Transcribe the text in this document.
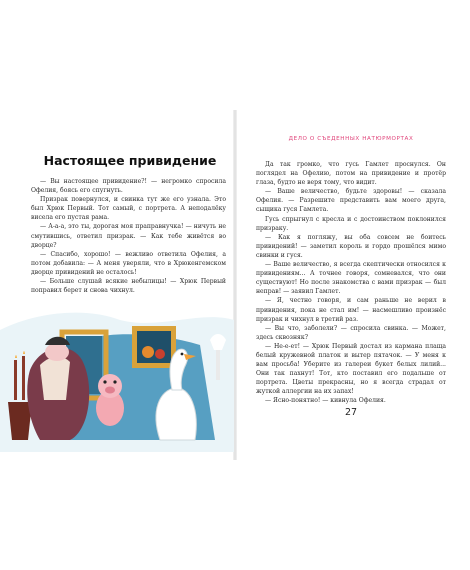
Настоящее привидение

— Вы настоящее привидение?! — негромко спросила Офелия, боясь его спугнуть.

Призрак повернулся, и свинка тут же его узнала. Это был Хрюк Первый. Тот самый, с портрета. А неподалёку висела его пустая рама.

— А-а-а, это ты, дорогая моя праправнучка! — ничуть не смутившись, ответил призрак. — Как тебе живётся во дворце?

— Спасибо, хорошо! — вежливо ответила Офелия, а потом добавила: — А меня уверяли, что в Хрюкенгемском дворце привидений не осталось!

— Больше слушай всякие небылицы! — Хрюк Первый поправил берет и снова чихнул.

ДЕЛО О СЪЕДЕННЫХ НАТЮРМОРТАХ

Да так громко, что гусь Гамлет проснулся. Он поглядел на Офелию, потом на привидение и протёр глаза, будто не веря тому, что видит.

— Ваше величество, будьте здоровы! — сказала Офелия. — Разрешите представить вам моего друга, сыщика гуся Гамлета.

Гусь спрыгнул с кресла и с достоинством поклонился призраку.

— Как я погляжу, вы оба совсем не боитесь привидений! — заметил король и гордо прошёлся мимо свинки и гуся.

— Ваше величество, я всегда скептически относился к привидениям... А точнее говоря, сомневался, что они существуют! Но после знакомства с вами призрак — был неправ! — заявил Гамлет.

— Я, честно говоря, и сам раньше не верил в привидения, пока не стал им! — насмешливо произнёс призрак и чихнул в третий раз.

— Вы что, заболели? — спросила свинка. — Может, здесь сквозняк?

— Не-е-ет! — Хрюк Первый достал из кармана плаща белый кружевной платок и вытер пятачок. — У меня к вам просьба! Уберите из галереи букет белых лилий... Они так пахнут! Тот, кто поставил его подальше от портрета. Цветы прекрасны, но я всегда страдал от жуткой аллергии на их запах!

— Ясно-понятно! — кивнула Офелия.

27
